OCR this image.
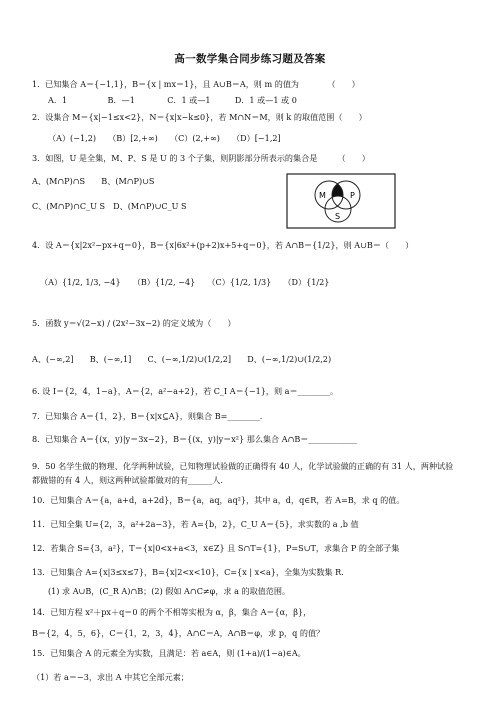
高一数学集合同步练习题及答案
1．已知集合 A＝{−1,1}，B＝{x | mx＝1}，且 A∪B＝A，则 m 的值为　　　　（　　）
A．1　　　　　B．—1　　　　C．1 或—1　　　D．1 或—1 或 0
2．设集合 M＝{x|−1≤x<2}，N＝{x|x−k≤0}，若 M∩N＝M，则 k 的取值范围（　　）
（A）(−1,2)　　（B）[2,+∞)　　（C）(2,+∞)　　（D）[−1,2]
3．如图，U 是全集，M、P、S 是 U 的 3 个子集，则阴影部分所表示的集合是　　　（　　）
A、(M∩P)∩S　　B、(M∩P)∪S
C、(M∩P)∩C_U S　D、(M∩P)∪C_U S
M	P
S
4．设 A＝{x|2x²−px+q＝0}，B＝{x|6x²+(p+2)x+5+q＝0}，若 A∩B＝{1/2}，则 A∪B＝（　　）
（A）{1/2, 1/3, −4}　　（B）{1/2, −4}　　（C）{1/2, 1/3}　　（D）{1/2}
5．函数 y＝√(2−x) / (2x²−3x−2) 的定义域为（　　）
A、(−∞,2]　　B、(−∞,1]　　C、(−∞,1/2)∪(1/2,2]　　D、(−∞,1/2)∪(1/2,2)
6. 设 I＝{2，4，1−a}，A＝{2，a²−a+2}，若 C_I A＝{−1}，则 a＝________。
7．已知集合 A＝{1，2}，B＝{x|x⊆A}，则集合 B=________.
8．已知集合 A＝{(x，y)|y＝3x−2}，B＝{(x，y)|y＝x²} 那么集合 A∩B＝____________
9．50 名学生做的物理、化学两种试验，已知物理试验做的正确得有 40 人，化学试验做的正确的有 31 人，两种试验
都做错的有 4 人，则这两种试验都做对的有______人.
10．已知集合 A＝{a，a+d，a+2d}，B＝{a，aq，aq²}，其中 a，d，q∈R，若 A=B，求 q 的值。
11．已知全集 U={2，3，a²+2a−3}，若 A={b，2}，C_U A＝{5}，求实数的 a ,b 值
12．若集合 S={3，a²}，T＝{x|0<x+a<3，x∈Z} 且 S∩T={1}，P=S∪T，求集合 P 的全部子集
13．已知集合 A={x|3≤x≤7}，B={x|2<x<10}，C={x | x<a}，全集为实数集 R.
(1) 求 A∪B，(C_R A)∩B；(2) 假如 A∩C≠φ，求 a 的取值范围。
14．已知方程 x²＋px＋q＝0 的两个不相等实根为 α，β，集合 A＝{α，β}，
B＝{2，4，5，6}，C＝{1，2，3，4}，A∩C＝A，A∩B＝φ，求 p，q 的值？
15．已知集合 A 的元素全为实数，且满足：若 a∈A，则 (1+a)/(1−a)∈A。
（1）若 a＝−3，求出 A 中其它全部元素；
